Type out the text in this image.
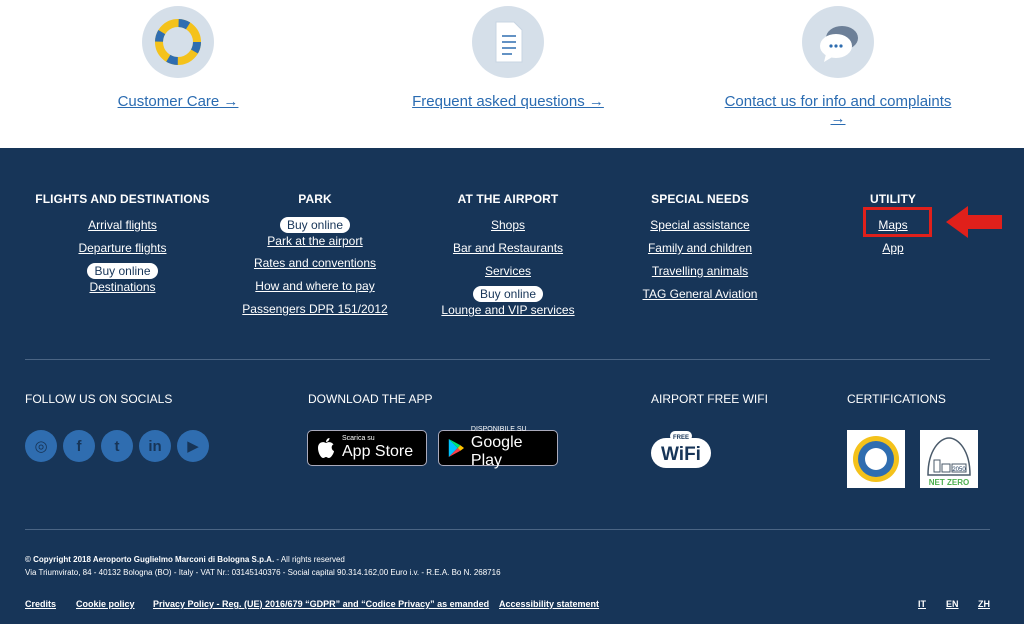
Customer Care →	Frequent asked questions →	Contact us for info and complaints →
FLIGHTS AND DESTINATIONS
Arrival flights
Departure flights
Buy online
Destinations
PARK
Buy online
Park at the airport
Rates and conventions
How and where to pay
Passengers DPR 151/2012
AT THE AIRPORT
Shops
Bar and Restaurants
Services
Buy online
Lounge and VIP services
SPECIAL NEEDS
Special assistance
Family and children
Travelling animals
TAG General Aviation
UTILITY
Maps
App
FOLLOW US ON SOCIALS	DOWNLOAD THE APP	AIRPORT FREE WIFI	CERTIFICATIONS
◎	f	t	in	▶	Scarica su
App Store
DISPONIBILE SU
Google Play
FREE
WiFi
2050
NET ZERO
© Copyright 2018 Aeroporto Guglielmo Marconi di Bologna S.p.A. - All rights reserved
Via Triumvirato, 84 - 40132 Bologna (BO) - Italy - VAT Nr.: 03145140376 - Social capital 90.314.162,00 Euro i.v. - R.E.A. Bo N. 268716
Credits Cookie policy Privacy Policy - Reg. (UE) 2016/679 “GDPR” and “Codice Privacy” as emanded Accessibility statement	IT EN ZH
